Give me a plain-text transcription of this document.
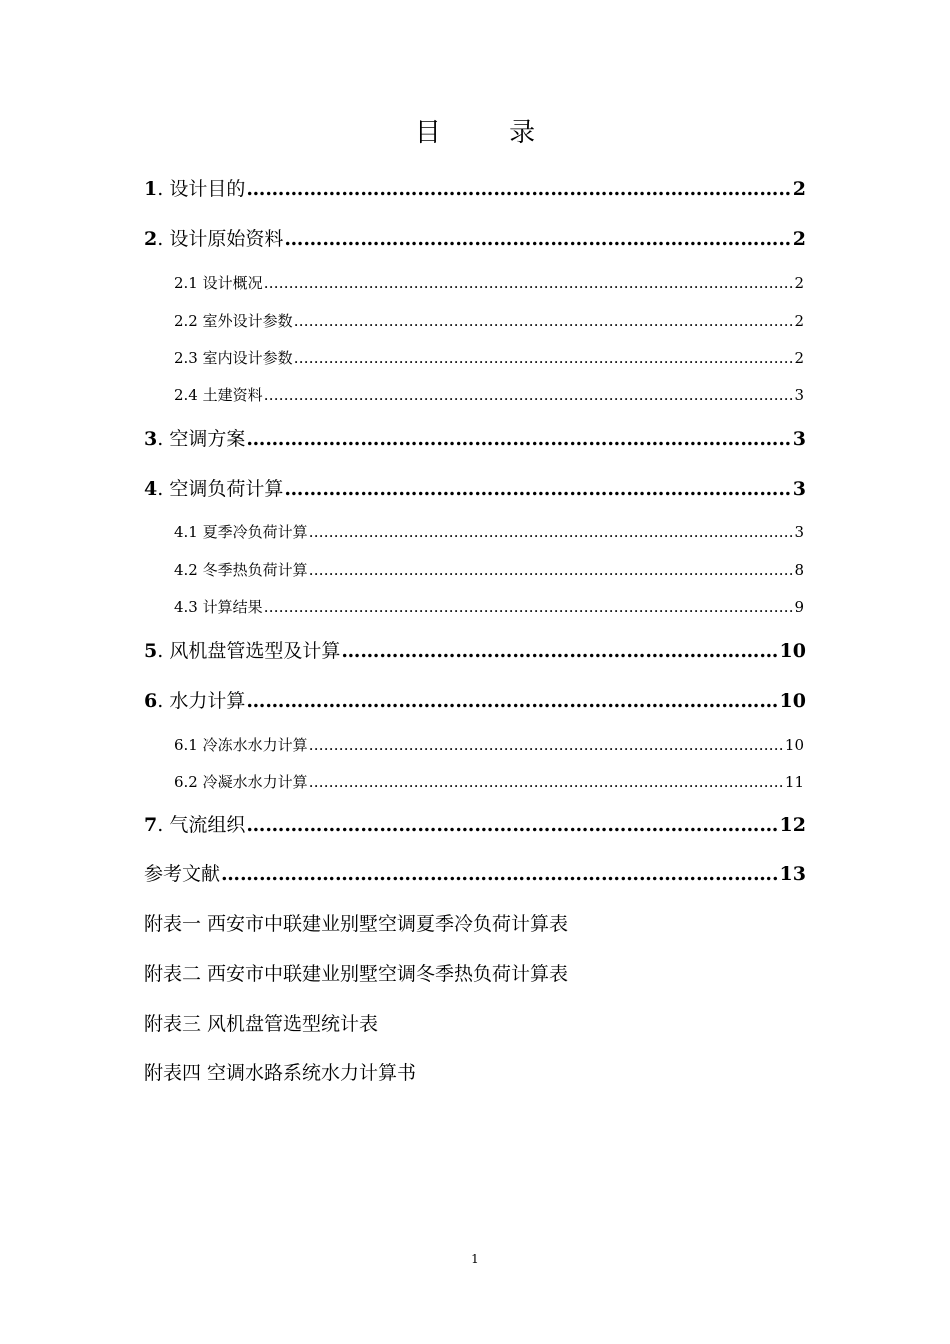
目 录
1. 设计目的 …………………………………………………………………………………………………………………………………………………………………………………………………………………………………………	2
2. 设计原始资料 …………………………………………………………………………………………………………………………………………………………………………………………………………………………………………	2
2.1 设计概况 …………………………………………………………………………………………………………………………………………………………………………………………………………………………………………	2
2.2 室外设计参数 …………………………………………………………………………………………………………………………………………………………………………………………………………………………………………	2
2.3 室内设计参数 …………………………………………………………………………………………………………………………………………………………………………………………………………………………………………	2
2.4 土建资料 …………………………………………………………………………………………………………………………………………………………………………………………………………………………………………	3
3. 空调方案 …………………………………………………………………………………………………………………………………………………………………………………………………………………………………………	3
4. 空调负荷计算 …………………………………………………………………………………………………………………………………………………………………………………………………………………………………………	3
4.1 夏季冷负荷计算 …………………………………………………………………………………………………………………………………………………………………………………………………………………………………………	3
4.2 冬季热负荷计算 …………………………………………………………………………………………………………………………………………………………………………………………………………………………………………	8
4.3 计算结果 …………………………………………………………………………………………………………………………………………………………………………………………………………………………………………	9
5. 风机盘管选型及计算 …………………………………………………………………………………………………………………………………………………………………………………………………………………………………………	10
6. 水力计算 …………………………………………………………………………………………………………………………………………………………………………………………………………………………………………	10
6.1 冷冻水水力计算 …………………………………………………………………………………………………………………………………………………………………………………………………………………………………………	10
6.2 冷凝水水力计算 …………………………………………………………………………………………………………………………………………………………………………………………………………………………………………	11
7. 气流组织 …………………………………………………………………………………………………………………………………………………………………………………………………………………………………………	12
参考文献 …………………………………………………………………………………………………………………………………………………………………………………………………………………………………………	13
附表一 西安市中联建业别墅空调夏季冷负荷计算表
附表二 西安市中联建业别墅空调冬季热负荷计算表
附表三 风机盘管选型统计表
附表四 空调水路系统水力计算书
1
